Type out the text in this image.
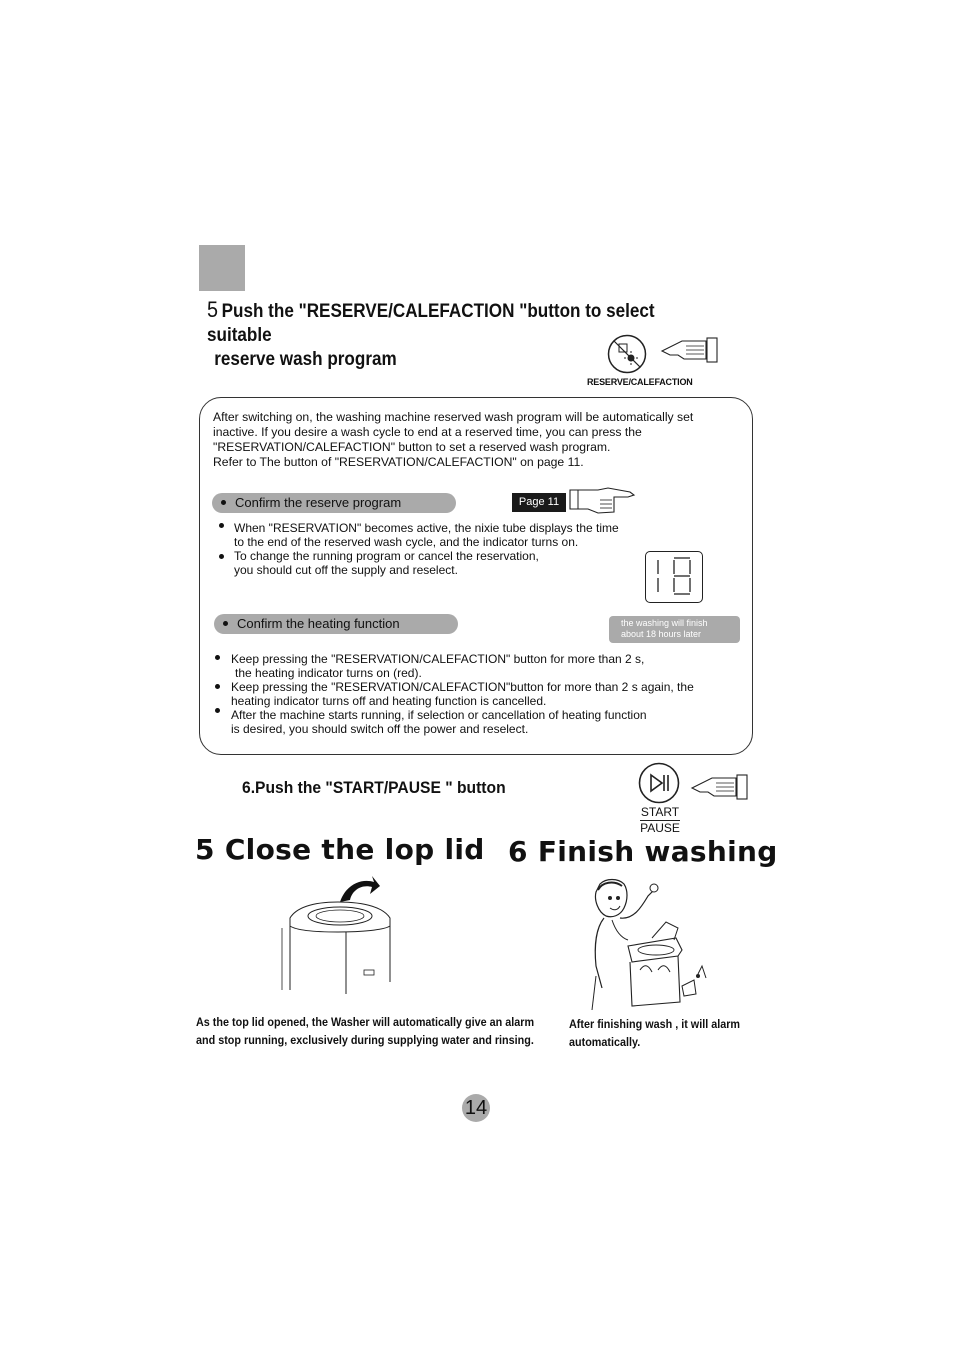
5 Push the "RESERVE/CALEFACTION "button to select suitable
reserve wash program
RESERVE/CALEFACTION
After switching on, the washing machine reserved wash program will be automatically set
inactive. If you desire a wash cycle to end at a reserved time, you can press the
"RESERVATION/CALEFACTION" button to set a reserved wash program.
Refer to The button of "RESERVATION/CALEFACTION" on page 11.
Confirm the reserve program	Page 11
When "RESERVATION" becomes active, the nixie tube displays the time
to the end of the reserved wash cycle, and the indicator turns on.
To change the running program or cancel the reservation,
you should cut off the supply and reselect.
Confirm the heating function	the washing will finish
about 18 hours later
Keep pressing the "RESERVATION/CALEFACTION" button for more than 2 s,
the heating indicator turns on (red).
Keep pressing the "RESERVATION/CALEFACTION"button for more than 2 s again, the
heating indicator turns off and heating function is cancelled.
After the machine starts running, if selection or cancellation of heating function
is desired, you should switch off the power and reselect.
6.Push the "START/PAUSE " button
START
PAUSE
5 Close the lop lid 6 Finish washing
As the top lid opened, the Washer will automatically give an alarm
and stop running, exclusively during supplying water and rinsing.
After finishing wash , it will alarm
automatically.
14
